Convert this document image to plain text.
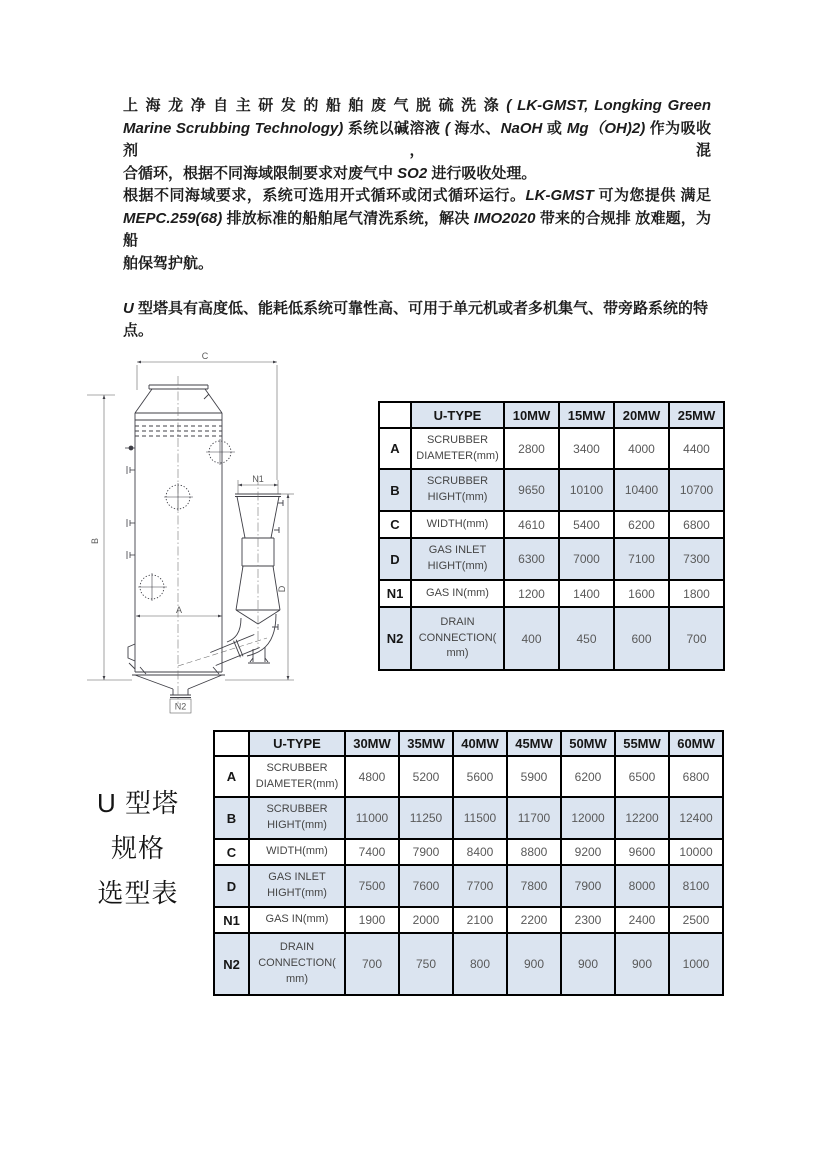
上 海 龙 净 自 主 研 发 的 船 舶 废 气 脱 硫 洗 涤 ( LK-GMST, Longking Green
Marine Scrubbing Technology) 系统以碱溶液 ( 海水、NaOH 或 Mg（OH)2) 作为吸收剂，混
合循环，根据不同海域限制要求对废气中 SO2 进行吸收处理。
根据不同海域要求，系统可选用开式循环或闭式循环运行。LK-GMST 可为您提供 满足
MEPC.259(68) 排放标准的船舶尾气清洗系统，解决 IMO2020 带来的合规排 放难题，为船
舶保驾护航。
U 型塔具有高度低、能耗低系统可靠性高、可用于单元机或者多机集气、带旁路系统的特点。
C
B
A
D
N1
N2
	U-TYPE	10MW	15MW	20MW	25MW
A	SCRUBBER DIAMETER(mm)	2800	3400	4000	4400
B	SCRUBBER HIGHT(mm)	9650	10100	10400	10700
C	WIDTH(mm)	4610	5400	6200	6800
D	GAS INLET HIGHT(mm)	6300	7000	7100	7300
N1	GAS IN(mm)	1200	1400	1600	1800
N2	DRAIN CONNECTION( mm)	400	450	600	700
U 型塔
规格
选型表
	U-TYPE	30MW	35MW	40MW	45MW	50MW	55MW	60MW
A	SCRUBBER DIAMETER(mm)	4800	5200	5600	5900	6200	6500	6800
B	SCRUBBER HIGHT(mm)	11000	11250	11500	11700	12000	12200	12400
C	WIDTH(mm)	7400	7900	8400	8800	9200	9600	10000
D	GAS INLET HIGHT(mm)	7500	7600	7700	7800	7900	8000	8100
N1	GAS IN(mm)	1900	2000	2100	2200	2300	2400	2500
N2	DRAIN CONNECTION( mm)	700	750	800	900	900	900	1000
